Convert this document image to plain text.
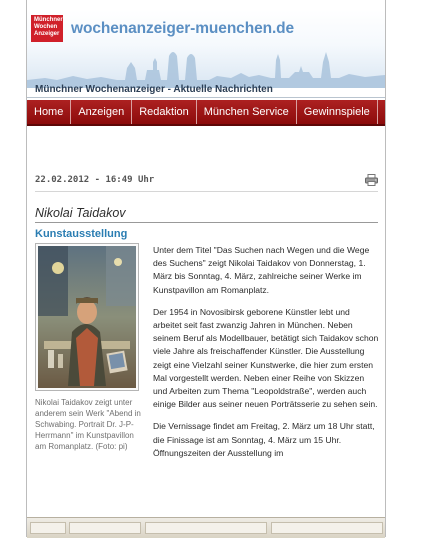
Münchner
Wochen
Anzeiger wochenanzeiger-muenchen.de
Münchner Wochenanzeiger - Aktuelle Nachrichten
Home Anzeigen Redaktion München Service Gewinnspiele
22.02.2012 - 16:49 Uhr
Nikolai Taidakov
Kunstausstellung
Nikolai Taidakov zeigt unter anderem sein Werk "Abend in Schwabing. Portrait Dr. J-P- Herrmann" im Kunstpavillon am Romanplatz. (Foto: pi)

Unter dem Titel "Das Suchen nach Wegen und die Wege des Suchens" zeigt Nikolai Taidakov von Donnerstag, 1. März bis Sonntag, 4. März, zahlreiche seiner Werke im Kunstpavillon am Romanplatz.

Der 1954 in Novosibirsk geborene Künstler lebt und arbeitet seit fast zwanzig Jahren in München. Neben seinem Beruf als Modellbauer, betätigt sich Taidakov schon viele Jahre als freischaffender Künstler. Die Ausstellung zeigt eine Vielzahl seiner Kunstwerke, die hier zum ersten Mal vorgestellt werden. Neben einer Reihe von Skizzen und Arbeiten zum Thema "Leopoldstraße", werden auch einige Bilder aus seiner neuen Porträtsserie zu sehen sein.

Die Vernissage findet am Freitag, 2. März um 18 Uhr statt, die Finissage ist am Sonntag, 4. März um 15 Uhr. Öffnungszeiten der Ausstellung im
